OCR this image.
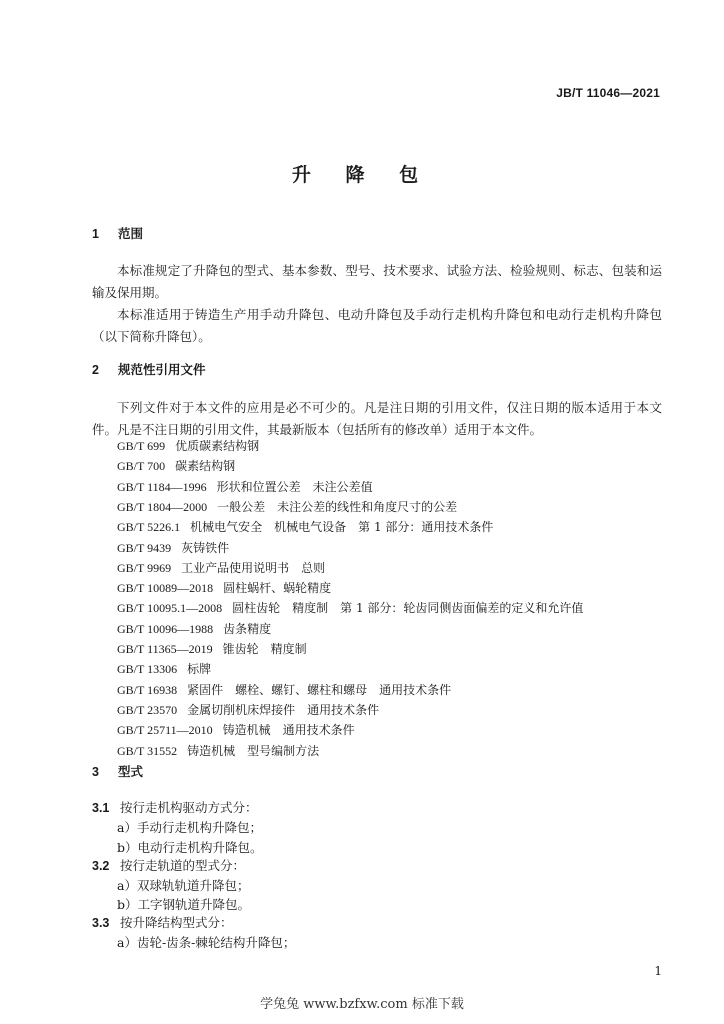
JB/T 11046—2021
升 降 包
1 范围
本标准规定了升降包的型式、基本参数、型号、技术要求、试验方法、检验规则、标志、包装和运输及保用期。
本标准适用于铸造生产用手动升降包、电动升降包及手动行走机构升降包和电动行走机构升降包（以下简称升降包）。
2 规范性引用文件
下列文件对于本文件的应用是必不可少的。凡是注日期的引用文件，仅注日期的版本适用于本文件。凡是不注日期的引用文件，其最新版本（包括所有的修改单）适用于本文件。
GB/T 699 优质碳素结构钢
GB/T 700 碳素结构钢
GB/T 1184—1996 形状和位置公差　未注公差值
GB/T 1804—2000 一般公差　未注公差的线性和角度尺寸的公差
GB/T 5226.1 机械电气安全　机械电气设备　第 1 部分：通用技术条件
GB/T 9439 灰铸铁件
GB/T 9969 工业产品使用说明书　总则
GB/T 10089—2018 圆柱蜗杆、蜗轮精度
GB/T 10095.1—2008 圆柱齿轮　精度制　第 1 部分：轮齿同侧齿面偏差的定义和允许值
GB/T 10096—1988 齿条精度
GB/T 11365—2019 锥齿轮　精度制
GB/T 13306 标牌
GB/T 16938 紧固件　螺栓、螺钉、螺柱和螺母　通用技术条件
GB/T 23570 金属切削机床焊接件　通用技术条件
GB/T 25711—2010 铸造机械　通用技术条件
GB/T 31552 铸造机械　型号编制方法
3 型式
3.1 按行走机构驱动方式分：
a）手动行走机构升降包；
b）电动行走机构升降包。
3.2 按行走轨道的型式分：
a）双球轨轨道升降包；
b）工字钢轨道升降包。
3.3 按升降结构型式分：
a）齿轮-齿条-棘轮结构升降包；
1
学兔兔 www.bzfxw.com 标准下载
